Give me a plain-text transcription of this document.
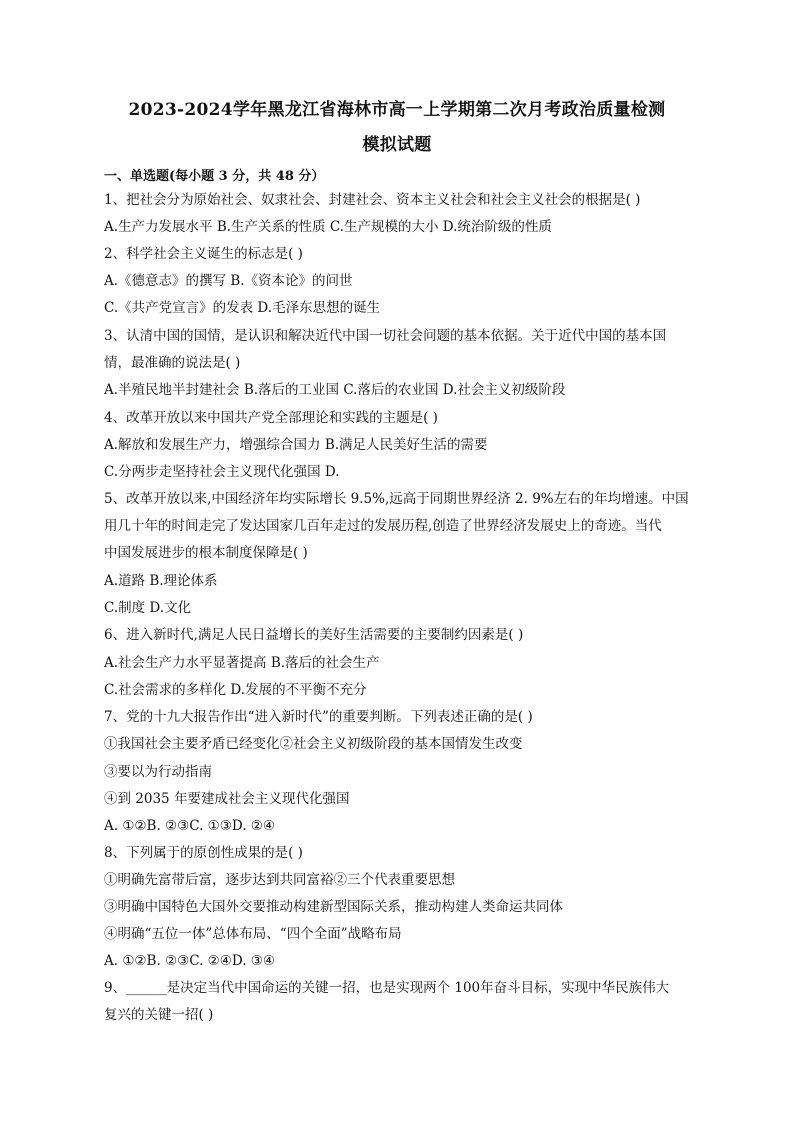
2023-2024学年黑龙江省海林市高一上学期第二次月考政治质量检测
模拟试题
一、单选题(每小题 3 分，共 48 分）
1、把社会分为原始社会、奴隶社会、封建社会、资本主义社会和社会主义社会的根据是( )
A.生产力发展水平 B.生产关系的性质 C.生产规模的大小 D.统治阶级的性质
2、科学社会主义诞生的标志是( )
A.《德意志》的撰写 B.《资本论》的问世
C.《共产党宣言》的发表 D.毛泽东思想的诞生
3、认清中国的国情，是认识和解决近代中国一切社会问题的基本依据。关于近代中国的基本国
情，最准确的说法是( )
A.半殖民地半封建社会 B.落后的工业国 C.落后的农业国 D.社会主义初级阶段
4、改革开放以来中国共产党全部理论和实践的主题是( )
A.解放和发展生产力，增强综合国力 B.满足人民美好生活的需要
C.分两步走坚持社会主义现代化强国 D.
5、改革开放以来,中国经济年均实际增长 9.5%,远高于同期世界经济 2. 9%左右的年均增速。中国
用几十年的时间走完了发达国家几百年走过的发展历程,创造了世界经济发展史上的奇迹。当代
中国发展进步的根本制度保障是( )
A.道路 B.理论体系
C.制度 D.文化
6、进入新时代,满足人民日益增长的美好生活需要的主要制约因素是( )
A.社会生产力水平显著提高 B.落后的社会生产
C.社会需求的多样化 D.发展的不平衡不充分
7、党的十九大报告作出“进入新时代”的重要判断。下列表述正确的是( )
①我国社会主要矛盾已经变化②社会主义初级阶段的基本国情发生改变
③要以为行动指南
④到 2035 年要建成社会主义现代化强国
A. ①②B. ②③C. ①③D. ②④
8、下列属于的原创性成果的是( )
①明确先富带后富，逐步达到共同富裕②三个代表重要思想
③明确中国特色大国外交要推动构建新型国际关系，推动构建人类命运共同体
④明确“五位一体”总体布局、“四个全面”战略布局
A. ①②B. ②③C. ②④D. ③④
9、______是决定当代中国命运的关键一招，也是实现两个 100年奋斗目标，实现中华民族伟大
复兴的关键一招( )
